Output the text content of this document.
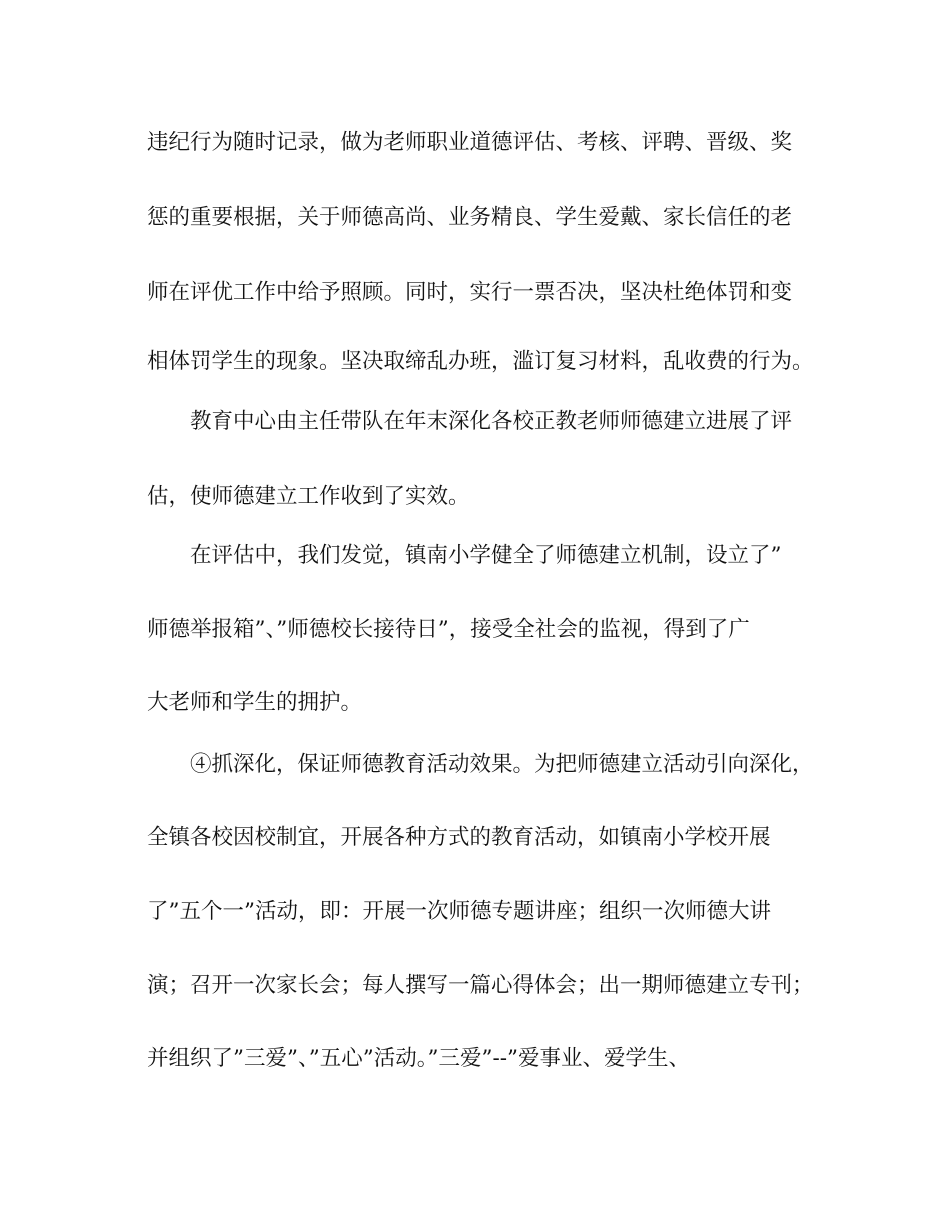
违纪行为随时记录，做为老师职业道德评估、考核、评聘、晋级、奖

惩的重要根据，关于师德高尚、业务精良、学生爱戴、家长信任的老

师在评优工作中给予照顾。同时，实行一票否决，坚决杜绝体罚和变

相体罚学生的现象。坚决取缔乱办班，滥订复习材料，乱收费的行为。

教育中心由主任带队在年末深化各校正教老师师德建立进展了评

估，使师德建立工作收到了实效。

在评估中，我们发觉，镇南小学健全了师德建立机制，设立了”

师德举报箱”、”师德校长接待日”，接受全社会的监视，得到了广

大老师和学生的拥护。

④抓深化，保证师德教育活动效果。为把师德建立活动引向深化，

全镇各校因校制宜，开展各种方式的教育活动，如镇南小学校开展

了”五个一”活动，即：开展一次师德专题讲座；组织一次师德大讲

演；召开一次家长会；每人撰写一篇心得体会；出一期师德建立专刊；

并组织了”三爱”、”五心”活动。”三爱”--”爱事业、爱学生、
